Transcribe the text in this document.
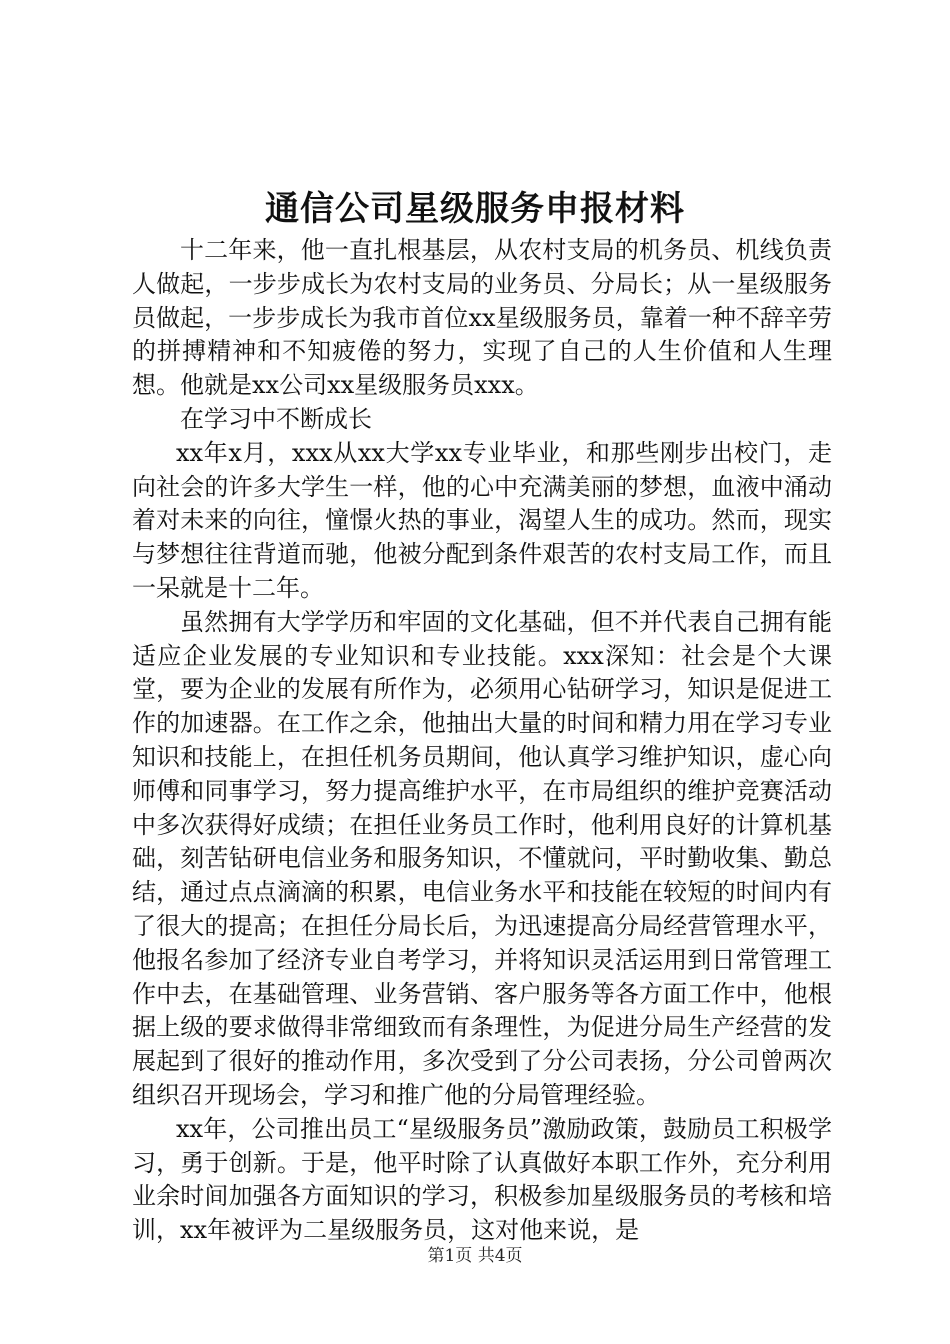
通信公司星级服务申报材料

十二年来，他一直扎根基层，从农村支局的机务员、机线负责人做起，一步步成长为农村支局的业务员、分局长；从一星级服务员做起，一步步成长为我市首位xx星级服务员，靠着一种不辞辛劳的拼搏精神和不知疲倦的努力，实现了自己的人生价值和人生理想。他就是xx公司xx星级服务员xxx。

在学习中不断成长

xx年x月，xxx从xx大学xx专业毕业，和那些刚步出校门，走向社会的许多大学生一样，他的心中充满美丽的梦想，血液中涌动着对未来的向往，憧憬火热的事业，渴望人生的成功。然而，现实与梦想往往背道而驰，他被分配到条件艰苦的农村支局工作，而且一呆就是十二年。

虽然拥有大学学历和牢固的文化基础，但不并代表自己拥有能适应企业发展的专业知识和专业技能。xxx深知：社会是个大课堂，要为企业的发展有所作为，必须用心钻研学习，知识是促进工作的加速器。在工作之余，他抽出大量的时间和精力用在学习专业知识和技能上，在担任机务员期间，他认真学习维护知识，虚心向师傅和同事学习，努力提高维护水平，在市局组织的维护竞赛活动中多次获得好成绩；在担任业务员工作时，他利用良好的计算机基础，刻苦钻研电信业务和服务知识，不懂就问，平时勤收集、勤总结，通过点点滴滴的积累，电信业务水平和技能在较短的时间内有了很大的提高；在担任分局长后，为迅速提高分局经营管理水平，他报名参加了经济专业自考学习，并将知识灵活运用到日常管理工作中去，在基础管理、业务营销、客户服务等各方面工作中，他根据上级的要求做得非常细致而有条理性，为促进分局生产经营的发展起到了很好的推动作用，多次受到了分公司表扬，分公司曾两次组织召开现场会，学习和推广他的分局管理经验。

xx年，公司推出员工“星级服务员”激励政策，鼓励员工积极学习，勇于创新。于是，他平时除了认真做好本职工作外，充分利用业余时间加强各方面知识的学习，积极参加星级服务员的考核和培训，xx年被评为二星级服务员，这对他来说，是

第1页 共4页
